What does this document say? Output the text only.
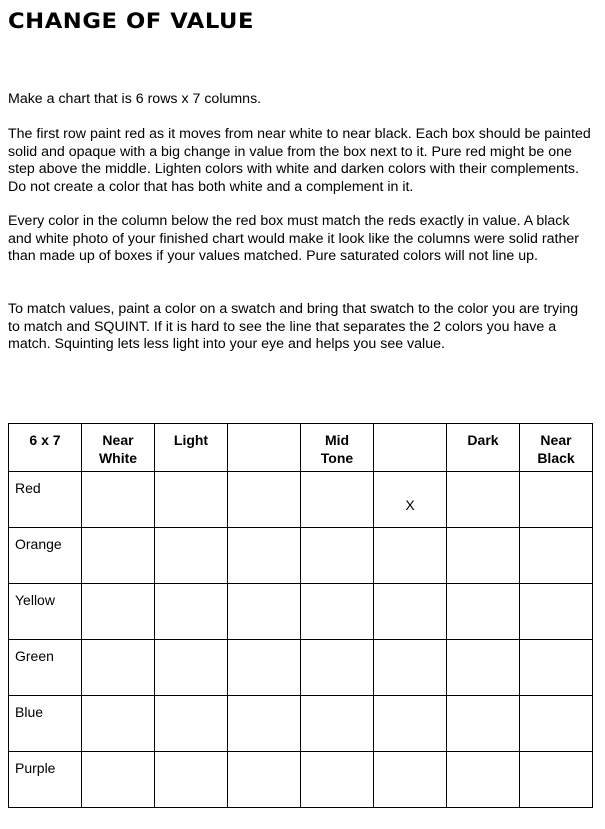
CHANGE OF VALUE

Make a chart that is 6 rows x 7 columns.

The first row paint red as it moves from near white to near black. Each box should be painted solid and opaque with a big change in value from the box next to it. Pure red might be one step above the middle. Lighten colors with white and darken colors with their complements. Do not create a color that has both white and a complement in it.

Every color in the column below the red box must match the reds exactly in value. A black and white photo of your finished chart would make it look like the columns were solid rather than made up of boxes if your values matched. Pure saturated colors will not line up.

To match values, paint a color on a swatch and bring that swatch to the color you are trying to match and SQUINT. If it is hard to see the line that separates the 2 colors you have a match. Squinting lets less light into your eye and helps you see value.

6 x 7	Near White	Light		Mid Tone		Dark	Near Black
Red					X		
Orange							
Yellow							
Green							
Blue							
Purple							
